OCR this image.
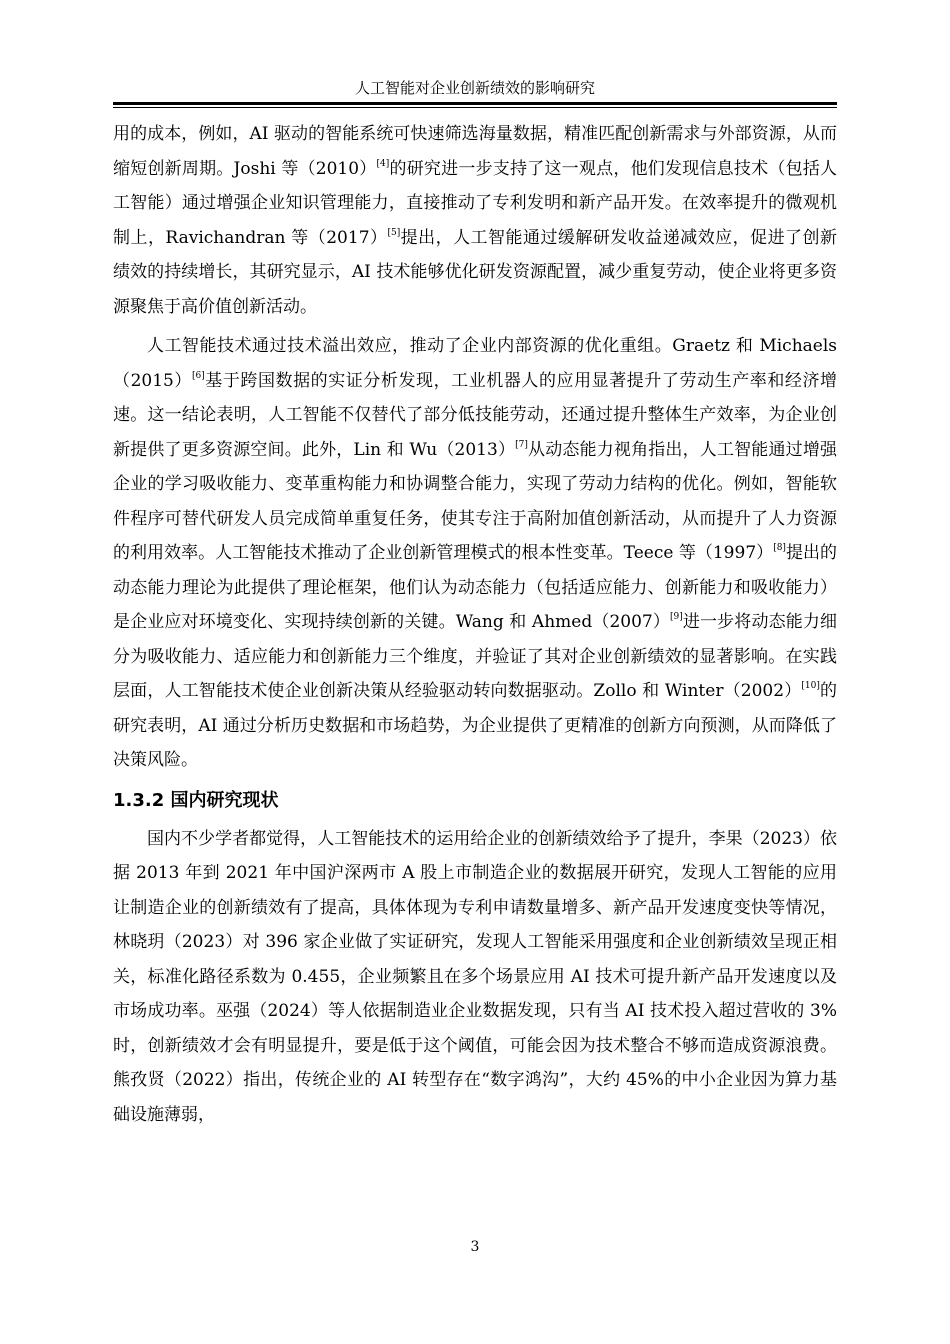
人工智能对企业创新绩效的影响研究

用的成本，例如，AI 驱动的智能系统可快速筛选海量数据，精准匹配创新需求与外部资源，从而缩短创新周期。Joshi 等（2010）[4]的研究进一步支持了这一观点，他们发现信息技术（包括人工智能）通过增强企业知识管理能力，直接推动了专利发明和新产品开发。在效率提升的微观机制上，Ravichandran 等（2017）[5]提出，人工智能通过缓解研发收益递减效应，促进了创新绩效的持续增长，其研究显示，AI 技术能够优化研发资源配置，减少重复劳动，使企业将更多资源聚焦于高价值创新活动。

人工智能技术通过技术溢出效应，推动了企业内部资源的优化重组。Graetz 和 Michaels（2015）[6]基于跨国数据的实证分析发现，工业机器人的应用显著提升了劳动生产率和经济增速。这一结论表明，人工智能不仅替代了部分低技能劳动，还通过提升整体生产效率，为企业创新提供了更多资源空间。此外，Lin 和 Wu（2013）[7]从动态能力视角指出，人工智能通过增强企业的学习吸收能力、变革重构能力和协调整合能力，实现了劳动力结构的优化。例如，智能软件程序可替代研发人员完成简单重复任务，使其专注于高附加值创新活动，从而提升了人力资源的利用效率。人工智能技术推动了企业创新管理模式的根本性变革。Teece 等（1997）[8]提出的动态能力理论为此提供了理论框架，他们认为动态能力（包括适应能力、创新能力和吸收能力）是企业应对环境变化、实现持续创新的关键。Wang 和 Ahmed（2007）[9]进一步将动态能力细分为吸收能力、适应能力和创新能力三个维度，并验证了其对企业创新绩效的显著影响。在实践层面，人工智能技术使企业创新决策从经验驱动转向数据驱动。Zollo 和 Winter（2002）[10]的研究表明，AI 通过分析历史数据和市场趋势，为企业提供了更精准的创新方向预测，从而降低了决策风险。

1.3.2 国内研究现状

国内不少学者都觉得，人工智能技术的运用给企业的创新绩效给予了提升，李果（2023）依据 2013 年到 2021 年中国沪深两市 A 股上市制造企业的数据展开研究，发现人工智能的应用让制造企业的创新绩效有了提高，具体体现为专利申请数量增多、新产品开发速度变快等情况，林晓玥（2023）对 396 家企业做了实证研究，发现人工智能采用强度和企业创新绩效呈现正相关，标准化路径系数为 0.455，企业频繁且在多个场景应用 AI 技术可提升新产品开发速度以及市场成功率。巫强（2024）等人依据制造业企业数据发现，只有当 AI 技术投入超过营收的 3%时，创新绩效才会有明显提升，要是低于这个阈值，可能会因为技术整合不够而造成资源浪费。熊孜贤（2022）指出，传统企业的 AI 转型存在“数字鸿沟”，大约 45%的中小企业因为算力基础设施薄弱，

3
